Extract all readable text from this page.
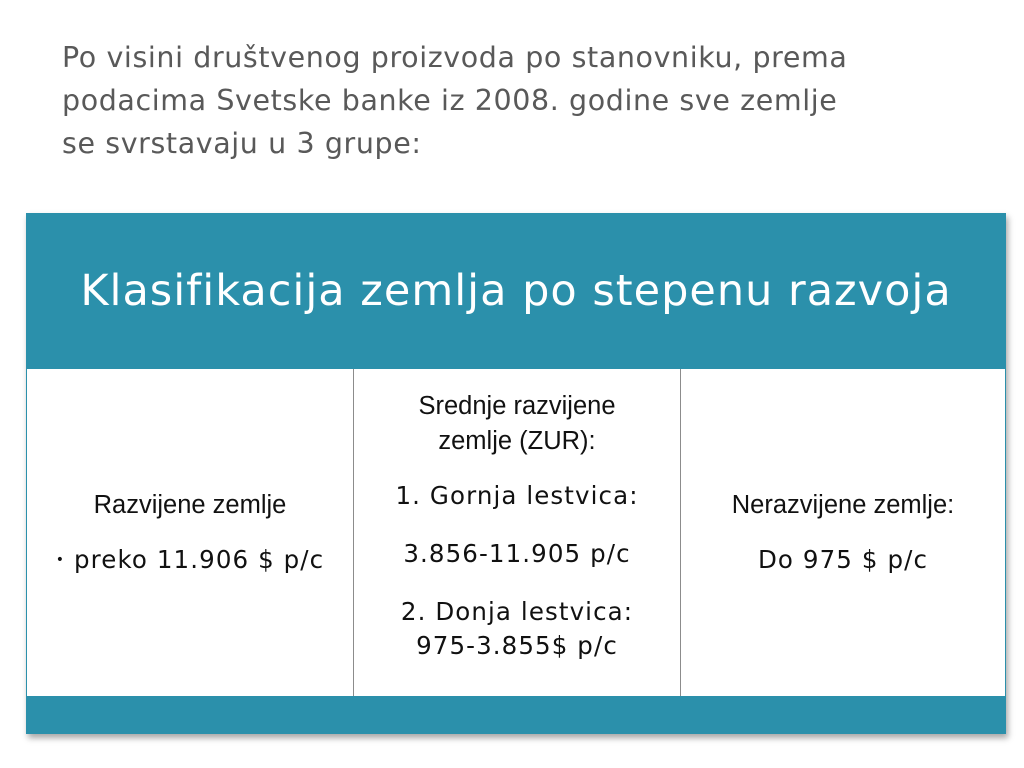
Po visini društvenog proizvoda po stanovniku, prema
podacima Svetske banke iz 2008. godine sve zemlje
se svrstavaju u 3 grupe:

Klasifikacija zemlja po stepenu razvoja
Razvijene zemlje
• preko 11.906 $ p/c
Srednje razvijene
zemlje (ZUR):
1. Gornja lestvica:
3.856-11.905 p/c
2. Donja lestvica:
975-3.855$ p/c
Nerazvijene zemlje:
Do 975 $ p/c
